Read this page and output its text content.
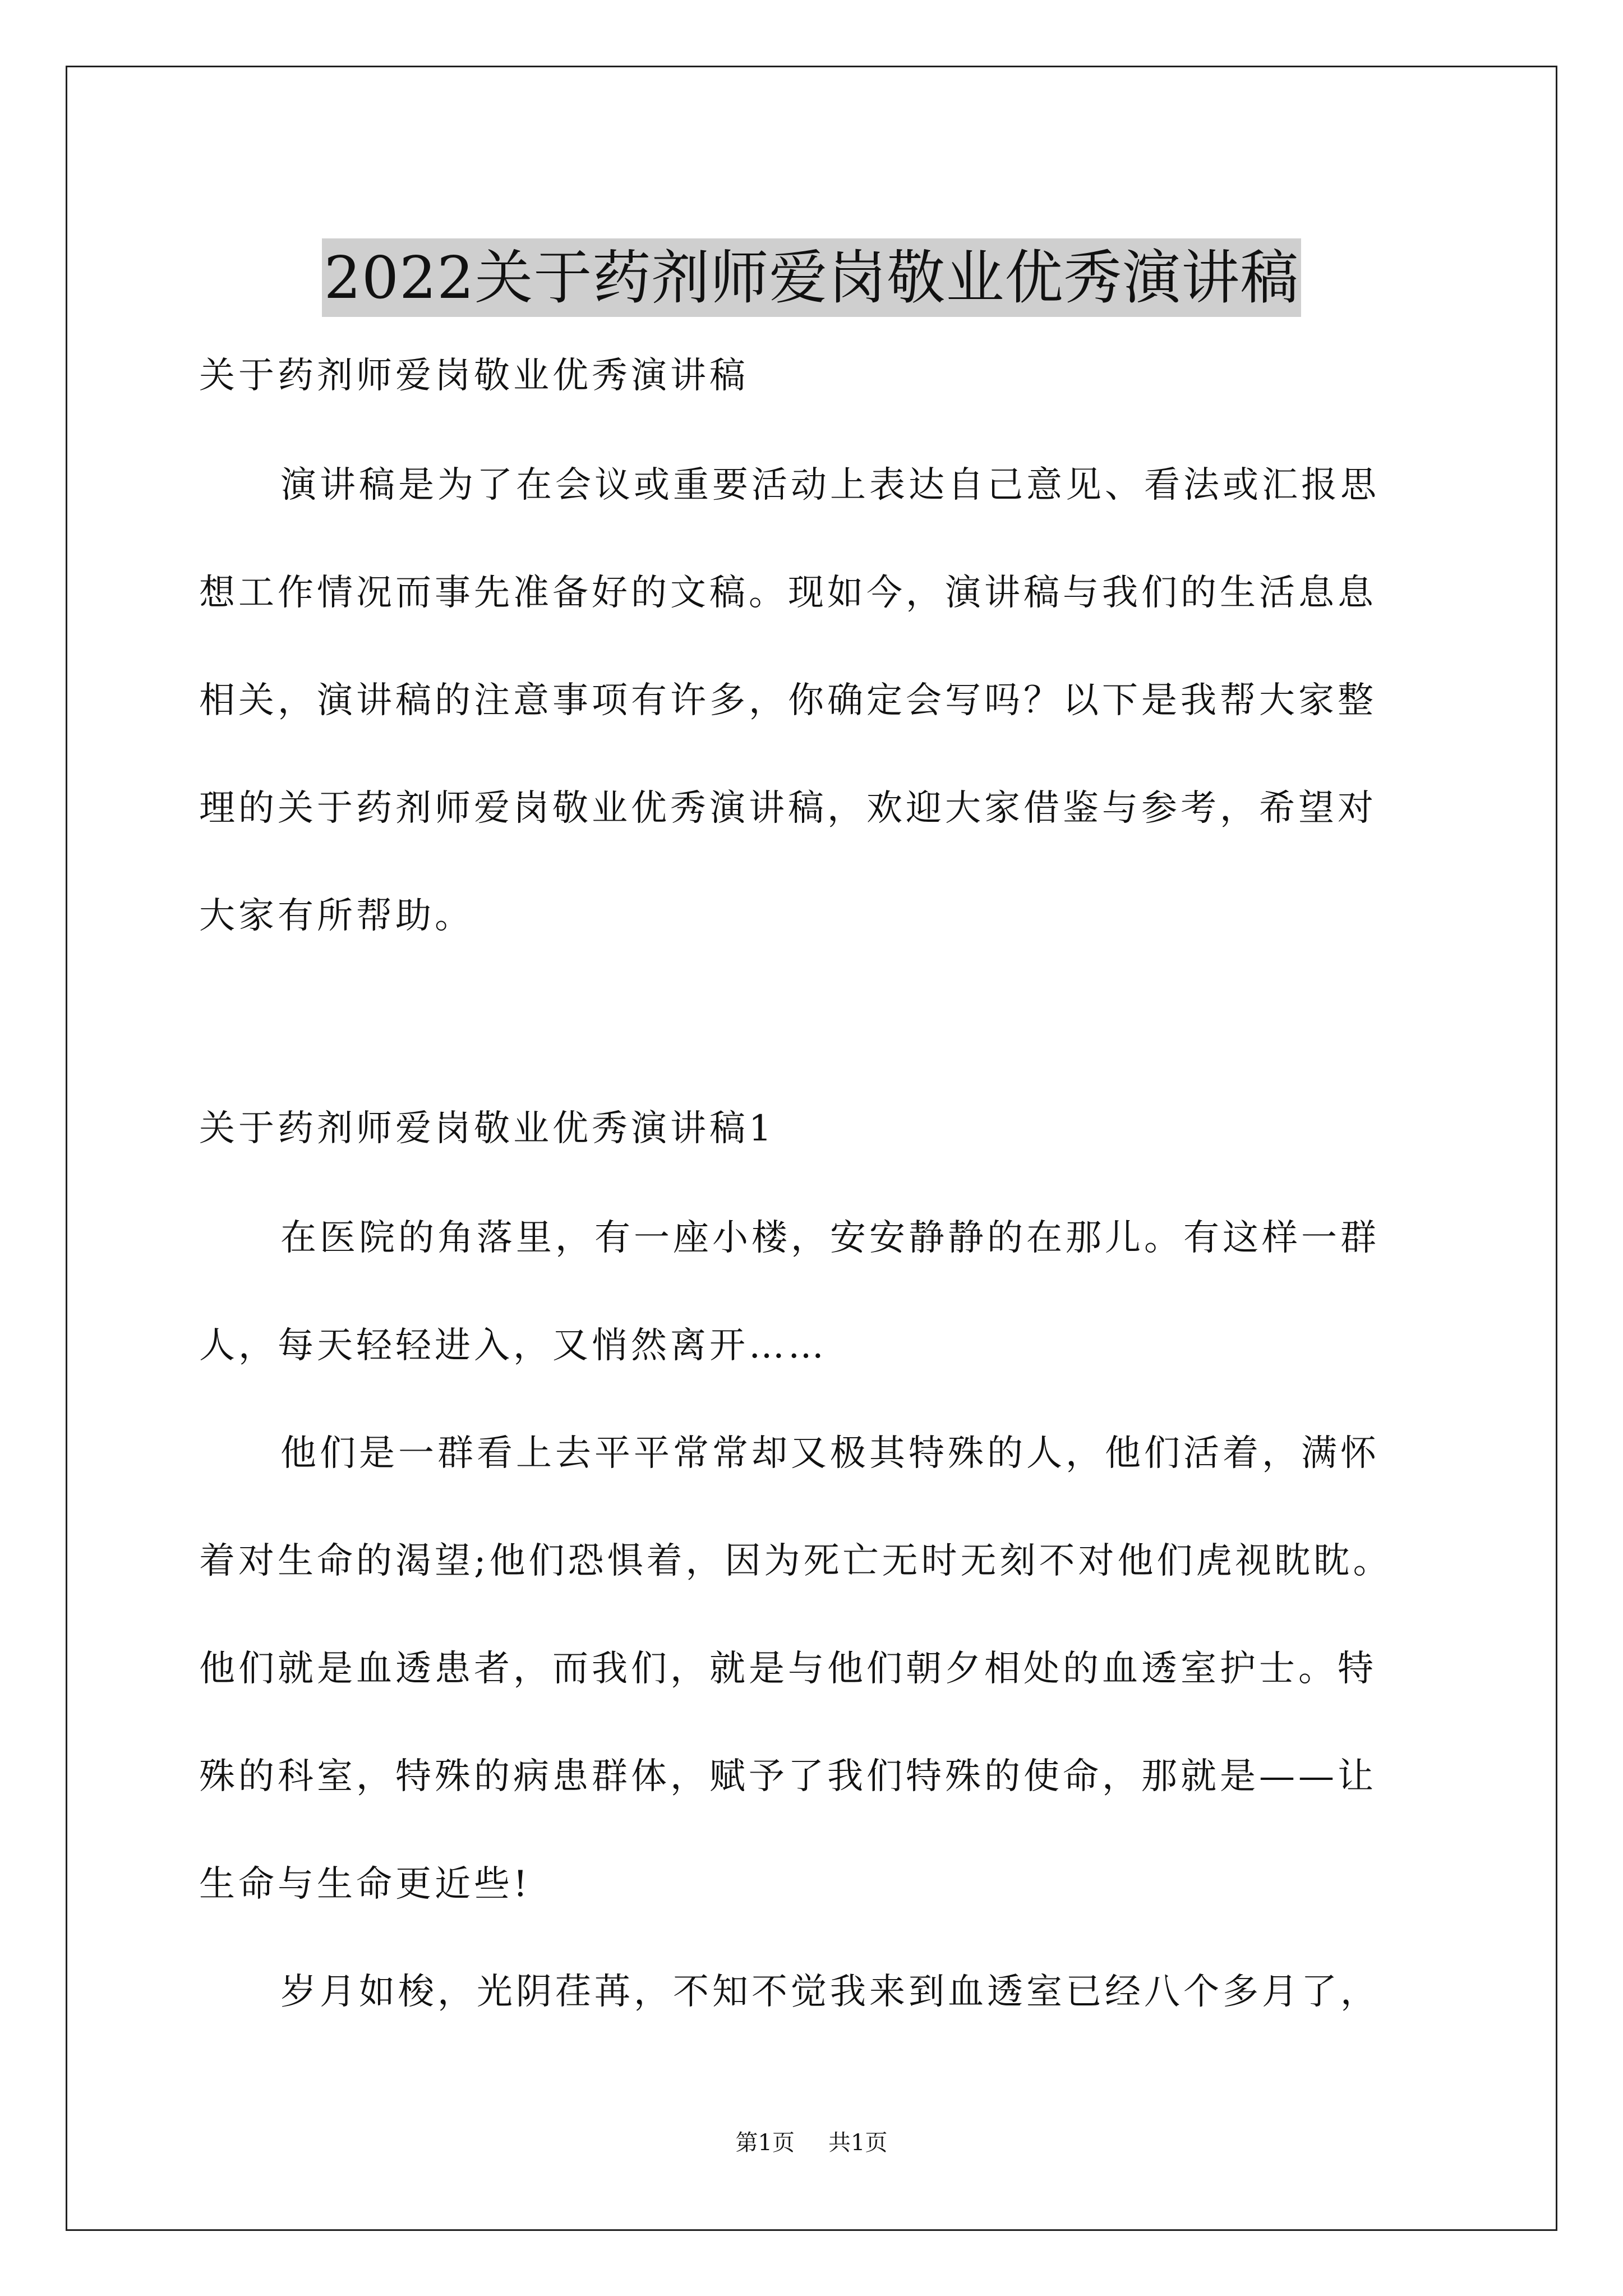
2022关于药剂师爱岗敬业优秀演讲稿
关于药剂师爱岗敬业优秀演讲稿
演讲稿是为了在会议或重要活动上表达自己意见、看法或汇报思
想工作情况而事先准备好的文稿。现如今，演讲稿与我们的生活息息
相关，演讲稿的注意事项有许多，你确定会写吗？以下是我帮大家整
理的关于药剂师爱岗敬业优秀演讲稿，欢迎大家借鉴与参考，希望对
大家有所帮助。
关于药剂师爱岗敬业优秀演讲稿1
在医院的角落里，有一座小楼，安安静静的在那儿。有这样一群
人，每天轻轻进入，又悄然离开……
他们是一群看上去平平常常却又极其特殊的人，他们活着，满怀
着对生命的渴望;他们恐惧着，因为死亡无时无刻不对他们虎视眈眈。
他们就是血透患者，而我们，就是与他们朝夕相处的血透室护士。特
殊的科室，特殊的病患群体，赋予了我们特殊的使命，那就是——让
生命与生命更近些!
岁月如梭，光阴荏苒，不知不觉我来到血透室已经八个多月了，
第1页 共1页
